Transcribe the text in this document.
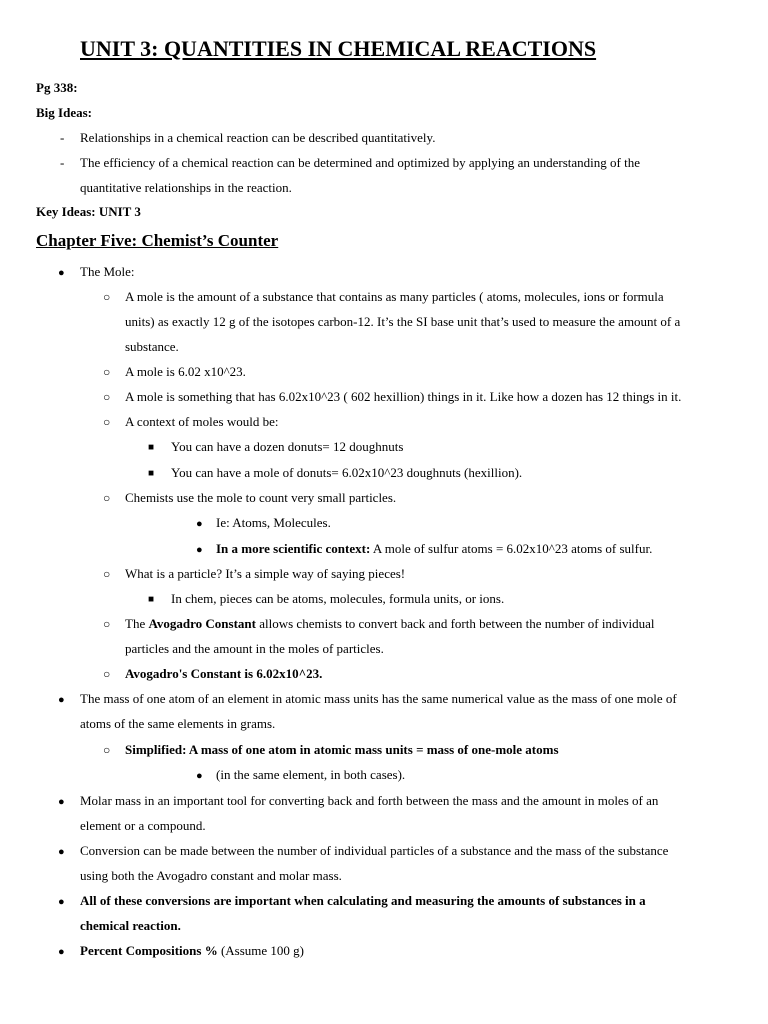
UNIT 3: QUANTITIES IN CHEMICAL REACTIONS
Pg 338:
Big Ideas:
- Relationships in a chemical reaction can be described quantitatively.
- The efficiency of a chemical reaction can be determined and optimized by applying an understanding of the
quantitative relationships in the reaction.
Key Ideas: UNIT 3
Chapter Five: Chemist’s Counter
● The Mole:
○ A mole is the amount of a substance that contains as many particles ( atoms, molecules, ions or formula
units) as exactly 12 g of the isotopes carbon-12. It’s the SI base unit that’s used to measure the amount of a
substance.
○ A mole is 6.02 x10^23.
○ A mole is something that has 6.02x10^23 ( 602 hexillion) things in it. Like how a dozen has 12 things in it.
○ A context of moles would be:
■ You can have a dozen donuts= 12 doughnuts
■ You can have a mole of donuts= 6.02x10^23 doughnuts (hexillion).
○ Chemists use the mole to count very small particles.
● Ie: Atoms, Molecules.
● In a more scientific context: A mole of sulfur atoms = 6.02x10^23 atoms of sulfur.
○ What is a particle? It’s a simple way of saying pieces!
■ In chem, pieces can be atoms, molecules, formula units, or ions.
○ The Avogadro Constant allows chemists to convert back and forth between the number of individual
particles and the amount in the moles of particles.
○ Avogadro's Constant is 6.02x10^23.
● The mass of one atom of an element in atomic mass units has the same numerical value as the mass of one mole of
atoms of the same elements in grams.
○ Simplified: A mass of one atom in atomic mass units = mass of one-mole atoms
● (in the same element, in both cases).
● Molar mass in an important tool for converting back and forth between the mass and the amount in moles of an
element or a compound.
● Conversion can be made between the number of individual particles of a substance and the mass of the substance
using both the Avogadro constant and molar mass.
● All of these conversions are important when calculating and measuring the amounts of substances in a
chemical reaction.
● Percent Compositions % (Assume 100 g)
